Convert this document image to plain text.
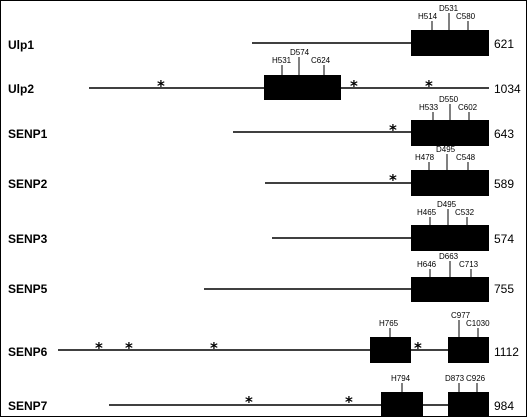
Ulp1
Ulp2
SENP1
SENP2
SENP3
SENP5
SENP6
SENP7
H514
D531
C580
621
H531
D574
C624
*	*	*	1034
H533
D550
C602
*	643
H478
D495
C548
*	589
H465
D495
C532
574
H646
D663
C713
755
H765
C977
C1030
* *	*	*	1112
H794	D873 C926
*	*	984
